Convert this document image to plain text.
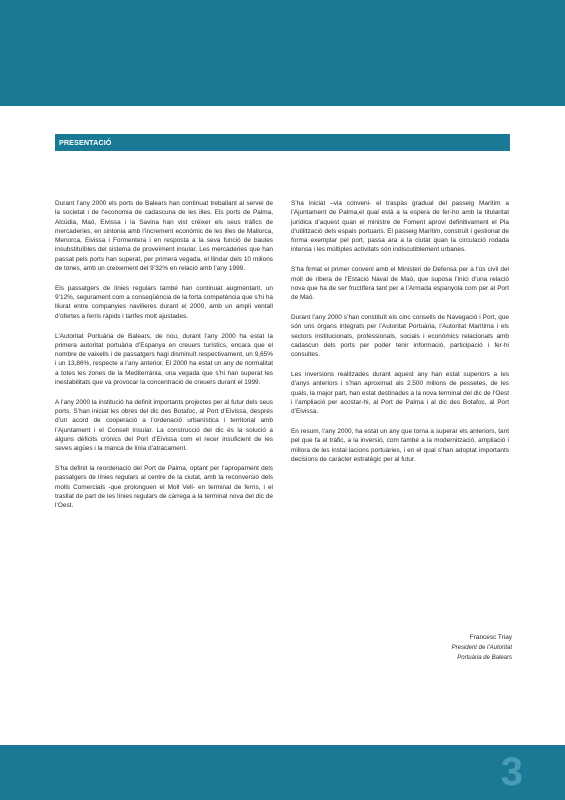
PRESENTACIÓ

Durant l’any 2000 els ports de Balears han continuat treballant al servei de la societat i de l’economia de cadascuna de les illes. Els ports de Palma, Alcúdia, Maó, Eivissa i la Savina han vist créixer els seus tràfics de mercaderies, en sintonia amb l’increment econòmic de les illes de Mallorca, Menorca, Eivissa i Formentera i en resposta a la seva funció de baules insubstituïbles del sistema de proveïment insular. Les mercaderies que han passat pels ports han superat, per primera vegada, el llindar dels 10 milions de tones, amb un creixement del 9’32% en relació amb l’any 1999.

Els passatgers de línies regulars també han continuat augmentant, un 9’12%, segurament com a conseqüència de la forta competència que s’hi ha lliurat entre companyies navilieres durant el 2000, amb un ampli ventall d’ofertes a ferris ràpids i tarifes molt ajustades.

L’Autoritat Portuària de Balears, de nou, durant l’any 2000 ha estat la primera autoritat portuària d’Espanya en creuers turístics, encara que el nombre de vaixells i de passatgers hagi disminuït respectivament, un 9,65% i un 13,86%, respecte a l’any anterior. El 2000 ha estat un any de normalitat a totes les zones de la Mediterrània, una vegada que s’hi han superat les inestabilitats que va provocar la concentració de creuers durant el 1999.

A l’any 2000 la institució ha definit importants projectes per al futur dels seus ports. S’han iniciat les obres del dic des Botafoc, al Port d’Eivissa, després d’un acord de cooperació a l’ordenació urbanística i territorial amb l’Ajuntament i el Consell Insular. La construcció del dic és la solució a alguns dèficits crònics del Port d’Eivissa com el recer insuficient de les seves aigües i la manca de línia d’atracament.

S’ha definit la reordenació del Port de Palma, optant per l’apropament dels passatgers de línies regulars al centre de la ciutat, amb la reconversió dels molls Comercials -que prolonguen el Moll Vell- en terminal de ferris, i el trasllat de part de les línies regulars de càrrega a la terminal nova del dic de l’Oest.

S’ha iniciat –via conveni- el traspàs gradual del passeig Marítim a l’Ajuntament de Palma,el qual està a la espera de fer-ho amb la titularitat jurídica d’aquest quan el ministre de Foment aprovi definitivament el Pla d’utilització dels espais portuaris. El passeig Marítim, construït i gestionat de forma exemplar pel port, passa ara a la ciutat quan la circulació rodada intensa i les múltiples activitats són indiscutiblement urbanes.

S’ha firmat el primer conveni amb el Ministeri de Defensa per a l’ús civil del moll de ribera de l’Estació Naval de Maó, que suposa l’inici d’una relació nova que ha de ser fructífera tant per a l’Armada espanyola com per al Port de Maó.

Durant l’any 2000 s’han constituït els cinc consells de Navegació i Port, que són uns òrgans integrats per l’Autoritat Portuària, l’Autoritat Marítima i els sectors institucionals, professionals, socials i econòmics relacionats amb cadascun dels ports per poder tenir informació, participació i fer-hi consultes.

Les inversions realitzades durant aquest any han estat superiors a les d’anys anteriors i s’han aproximat als 2.500 milions de pessetes, de les quals, la major part, han estat destinades a la nova terminal del dic de l’Oest i l’ampliació per acostar-hi, al Port de Palma i al dic des Botafoc, al Port d’Eivissa.

En resum, l’any 2000, ha estat un any que torna a superar els anteriors, tant pel que fa al tràfic, a la inversió, com també a la modernització, ampliació i millora de les instal·lacions portuàries, i en el qual s’han adoptat importants decisions de caràcter estratègic per al futur.

Francesc Triay
President de l’Autoritat
Portuària de Balears
3
